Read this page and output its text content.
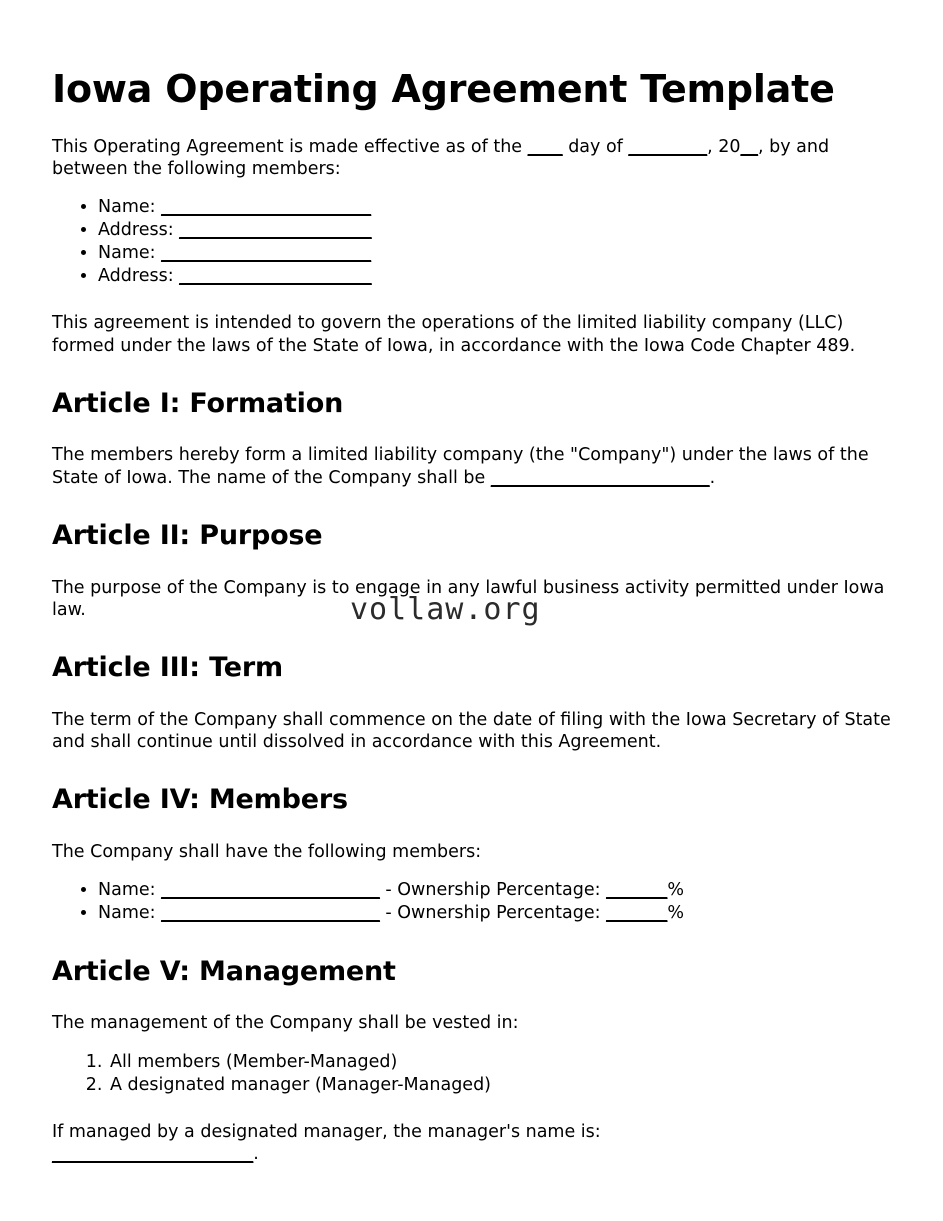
Iowa Operating Agreement Template

This Operating Agreement is made effective as of the ____ day of _________, 20__, by and between the following members:

• Name: ________________________
• Address: ______________________
• Name: ________________________
• Address: ______________________

This agreement is intended to govern the operations of the limited liability company (LLC) formed under the laws of the State of Iowa, in accordance with the Iowa Code Chapter 489.

Article I: Formation

The members hereby form a limited liability company (the "Company") under the laws of the State of Iowa. The name of the Company shall be _________________________.

Article II: Purpose

The purpose of the Company is to engage in any lawful business activity permitted under Iowa law.

Article III: Term

The term of the Company shall commence on the date of filing with the Iowa Secretary of State and shall continue until dissolved in accordance with this Agreement.

Article IV: Members

The Company shall have the following members:

• Name: _________________________ - Ownership Percentage: _______%
• Name: _________________________ - Ownership Percentage: _______%
Article V: Management

The management of the Company shall be vested in:

1. All members (Member-Managed)
2. A designated manager (Manager-Managed)

If managed by a designated manager, the manager's name is:
_______________________.

vollaw.org
